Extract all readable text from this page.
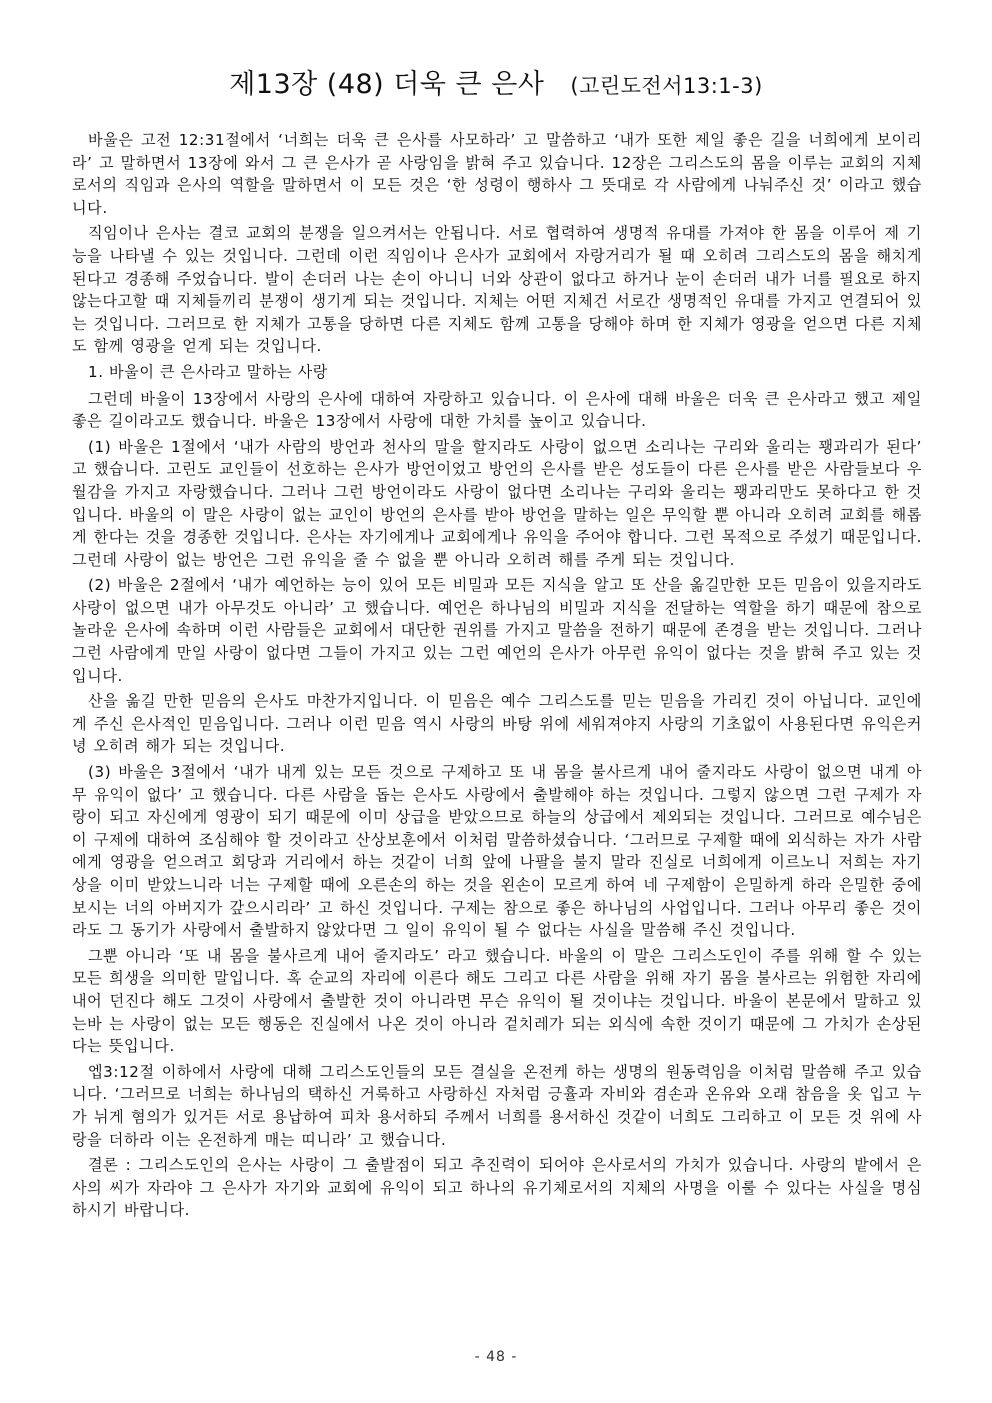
제13장 (48) 더욱 큰 은사 (고린도전서13:1-3)

바울은 고전 12:31절에서 ‘너희는 더욱 큰 은사를 사모하라’ 고 말씀하고 ‘내가 또한 제일 좋은 길을 너희에게 보이리라’ 고 말하면서 13장에 와서 그 큰 은사가 곧 사랑임을 밝혀 주고 있습니다. 12장은 그리스도의 몸을 이루는 교회의 지체로서의 직임과 은사의 역할을 말하면서 이 모든 것은 ‘한 성령이 행하사 그 뜻대로 각 사람에게 나눠주신 것’ 이라고 했습니다.

직임이나 은사는 결코 교회의 분쟁을 일으켜서는 안됩니다. 서로 협력하여 생명적 유대를 가져야 한 몸을 이루어 제 기능을 나타낼 수 있는 것입니다. 그런데 이런 직임이나 은사가 교회에서 자랑거리가 될 때 오히려 그리스도의 몸을 해치게 된다고 경종해 주었습니다. 발이 손더러 나는 손이 아니니 너와 상관이 없다고 하거나 눈이 손더러 내가 너를 필요로 하지 않는다고할 때 지체들끼리 분쟁이 생기게 되는 것입니다. 지체는 어떤 지체건 서로간 생명적인 유대를 가지고 연결되어 있는 것입니다. 그러므로 한 지체가 고통을 당하면 다른 지체도 함께 고통을 당해야 하며 한 지체가 영광을 얻으면 다른 지체도 함께 영광을 얻게 되는 것입니다.

1. 바울이 큰 은사라고 말하는 사랑

그런데 바울이 13장에서 사랑의 은사에 대하여 자랑하고 있습니다. 이 은사에 대해 바울은 더욱 큰 은사라고 했고 제일 좋은 길이라고도 했습니다. 바울은 13장에서 사랑에 대한 가치를 높이고 있습니다.

(1) 바울은 1절에서 ‘내가 사람의 방언과 천사의 말을 할지라도 사랑이 없으면 소리나는 구리와 울리는 꽹과리가 된다’ 고 했습니다. 고린도 교인들이 선호하는 은사가 방언이었고 방언의 은사를 받은 성도들이 다른 은사를 받은 사람들보다 우월감을 가지고 자랑했습니다. 그러나 그런 방언이라도 사랑이 없다면 소리나는 구리와 울리는 꽹과리만도 못하다고 한 것입니다. 바울의 이 말은 사랑이 없는 교인이 방언의 은사를 받아 방언을 말하는 일은 무익할 뿐 아니라 오히려 교회를 해롭게 한다는 것을 경종한 것입니다. 은사는 자기에게나 교회에게나 유익을 주어야 합니다. 그런 목적으로 주셨기 때문입니다. 그런데 사랑이 없는 방언은 그런 유익을 줄 수 없을 뿐 아니라 오히려 해를 주게 되는 것입니다.

(2) 바울은 2절에서 ‘내가 예언하는 능이 있어 모든 비밀과 모든 지식을 알고 또 산을 옮길만한 모든 믿음이 있을지라도 사랑이 없으면 내가 아무것도 아니라’ 고 했습니다. 예언은 하나님의 비밀과 지식을 전달하는 역할을 하기 때문에 참으로 놀라운 은사에 속하며 이런 사람들은 교회에서 대단한 권위를 가지고 말씀을 전하기 때문에 존경을 받는 것입니다. 그러나 그런 사람에게 만일 사랑이 없다면 그들이 가지고 있는 그런 예언의 은사가 아무런 유익이 없다는 것을 밝혀 주고 있는 것입니다.

산을 옮길 만한 믿음의 은사도 마찬가지입니다. 이 믿음은 예수 그리스도를 믿는 믿음을 가리킨 것이 아닙니다. 교인에게 주신 은사적인 믿음입니다. 그러나 이런 믿음 역시 사랑의 바탕 위에 세워져야지 사랑의 기초없이 사용된다면 유익은커녕 오히려 해가 되는 것입니다.

(3) 바울은 3절에서 ‘내가 내게 있는 모든 것으로 구제하고 또 내 몸을 불사르게 내어 줄지라도 사랑이 없으면 내게 아무 유익이 없다’ 고 했습니다. 다른 사람을 돕는 은사도 사랑에서 출발해야 하는 것입니다. 그렇지 않으면 그런 구제가 자랑이 되고 자신에게 영광이 되기 때문에 이미 상급을 받았으므로 하늘의 상급에서 제외되는 것입니다. 그러므로 예수님은 이 구제에 대하여 조심해야 할 것이라고 산상보훈에서 이처럼 말씀하셨습니다. ‘그러므로 구제할 때에 외식하는 자가 사람에게 영광을 얻으려고 회당과 거리에서 하는 것같이 너희 앞에 나팔을 불지 말라 진실로 너희에게 이르노니 저희는 자기 상을 이미 받았느니라 너는 구제할 때에 오른손의 하는 것을 왼손이 모르게 하여 네 구제함이 은밀하게 하라 은밀한 중에 보시는 너의 아버지가 갚으시리라’ 고 하신 것입니다. 구제는 참으로 좋은 하나님의 사업입니다. 그러나 아무리 좋은 것이라도 그 동기가 사랑에서 출발하지 않았다면 그 일이 유익이 될 수 없다는 사실을 말씀해 주신 것입니다.

그뿐 아니라 ‘또 내 몸을 불사르게 내어 줄지라도’ 라고 했습니다. 바울의 이 말은 그리스도인이 주를 위해 할 수 있는 모든 희생을 의미한 말입니다. 혹 순교의 자리에 이른다 해도 그리고 다른 사람을 위해 자기 몸을 불사르는 위험한 자리에 내어 던진다 해도 그것이 사랑에서 출발한 것이 아니라면 무슨 유익이 될 것이냐는 것입니다. 바울이 본문에서 말하고 있는바 는 사랑이 없는 모든 행동은 진실에서 나온 것이 아니라 겉치레가 되는 외식에 속한 것이기 때문에 그 가치가 손상된다는 뜻입니다.

엡3:12절 이하에서 사랑에 대해 그리스도인들의 모든 결실을 온전케 하는 생명의 원동력임을 이처럼 말씀해 주고 있습니다. ‘그러므로 너희는 하나님의 택하신 거룩하고 사랑하신 자처럼 긍휼과 자비와 겸손과 온유와 오래 참음을 옷 입고 누가 뉘게 혐의가 있거든 서로 용납하여 피차 용서하되 주께서 너희를 용서하신 것같이 너희도 그리하고 이 모든 것 위에 사랑을 더하라 이는 온전하게 매는 띠니라’ 고 했습니다.

결론 : 그리스도인의 은사는 사랑이 그 출발점이 되고 추진력이 되어야 은사로서의 가치가 있습니다. 사랑의 밭에서 은사의 씨가 자라야 그 은사가 자기와 교회에 유익이 되고 하나의 유기체로서의 지체의 사명을 이룰 수 있다는 사실을 명심하시기 바랍니다.

- 48 -
